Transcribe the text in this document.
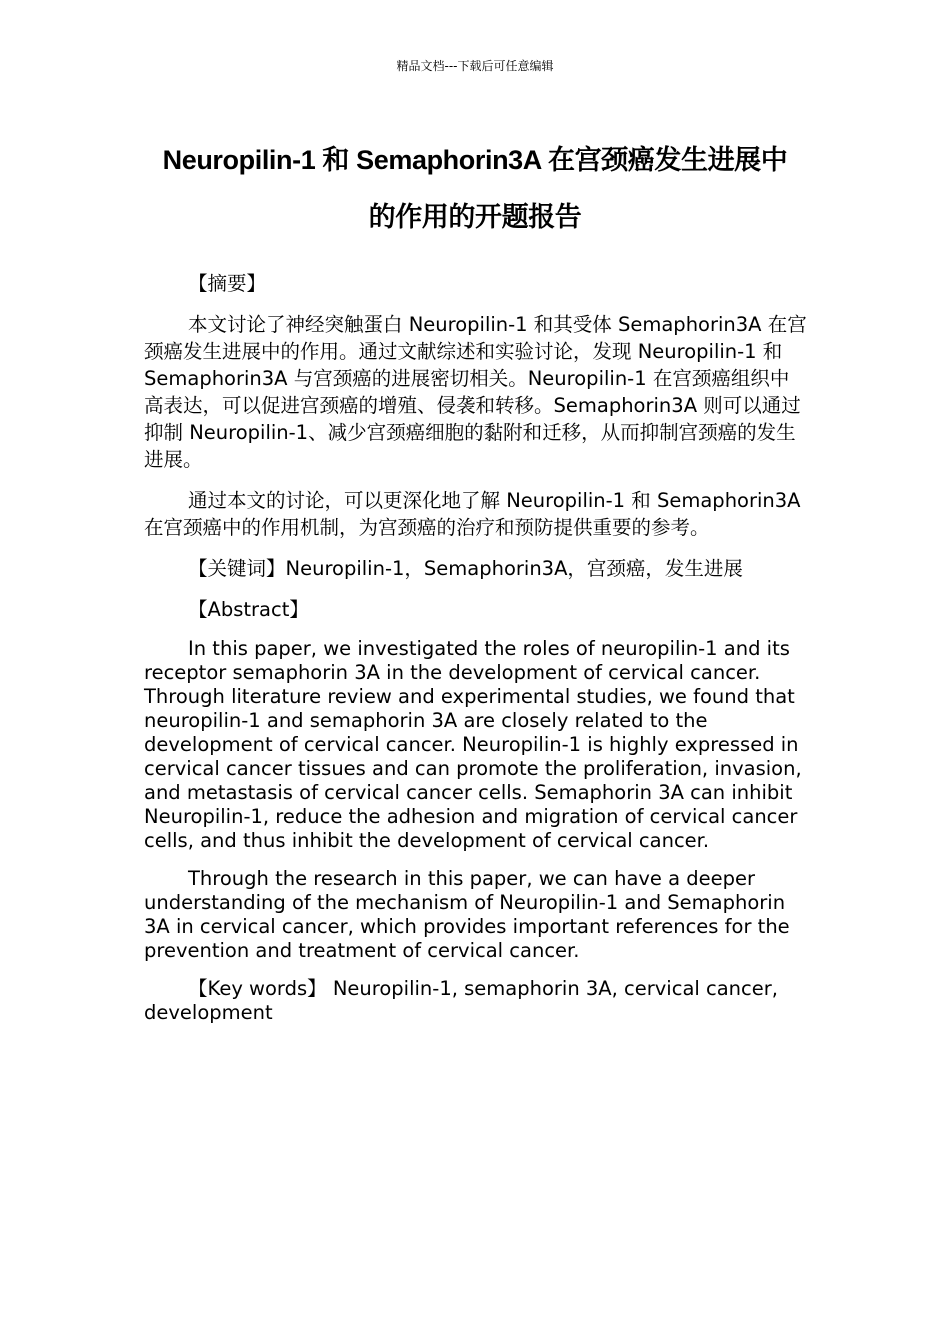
精品文档---下载后可任意编辑
Neuropilin-1 和 Semaphorin3A 在宫颈癌发生进展中
的作用的开题报告

【摘要】

本文讨论了神经突触蛋白 Neuropilin-1 和其受体 Semaphorin3A 在宫颈癌发生进展中的作用。通过文献综述和实验讨论，发现 Neuropilin-1 和 Semaphorin3A 与宫颈癌的进展密切相关。Neuropilin-1 在宫颈癌组织中高表达，可以促进宫颈癌的增殖、侵袭和转移。Semaphorin3A 则可以通过抑制 Neuropilin-1、减少宫颈癌细胞的黏附和迁移，从而抑制宫颈癌的发生进展。

通过本文的讨论，可以更深化地了解 Neuropilin-1 和 Semaphorin3A 在宫颈癌中的作用机制，为宫颈癌的治疗和预防提供重要的参考。

【关键词】Neuropilin-1，Semaphorin3A，宫颈癌，发生进展

【Abstract】

In this paper, we investigated the roles of neuropilin-1 and its receptor semaphorin 3A in the development of cervical cancer. Through literature review and experimental studies, we found that neuropilin-1 and semaphorin 3A are closely related to the development of cervical cancer. Neuropilin-1 is highly expressed in cervical cancer tissues and can promote the proliferation, invasion, and metastasis of cervical cancer cells. Semaphorin 3A can inhibit Neuropilin-1, reduce the adhesion and migration of cervical cancer cells, and thus inhibit the development of cervical cancer.

Through the research in this paper, we can have a deeper understanding of the mechanism of Neuropilin-1 and Semaphorin 3A in cervical cancer, which provides important references for the prevention and treatment of cervical cancer.

【Key words】 Neuropilin-1, semaphorin 3A, cervical cancer, development
